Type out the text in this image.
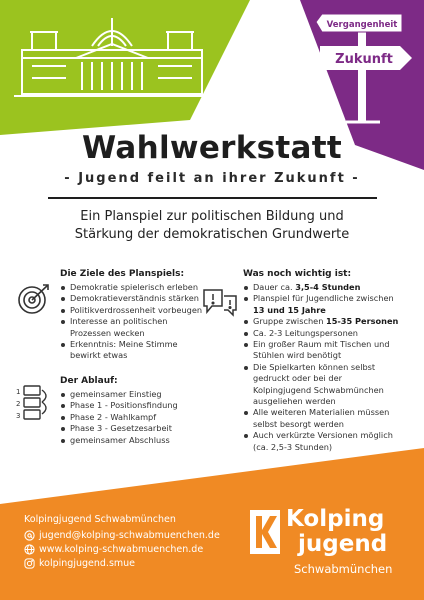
Vergangenheit
Zukunft
Wahlwerkstatt
- Jugend feilt an ihrer Zukunft -
Ein Planspiel zur politischen Bildung und
Stärkung der demokratischen Grundwerte
Die Ziele des Planspiels:
Demokratie spielerisch erleben
Demokratieverständnis stärken
Politikverdrossenheit vorbeugen
Interesse an politischen Prozessen wecken
Erkenntnis: Meine Stimme bewirkt etwas
1
2
3
Der Ablauf:
gemeinsamer Einstieg
Phase 1 - Positionsfindung
Phase 2 - Wahlkampf
Phase 3 - Gesetzesarbeit
gemeinsamer Abschluss
Was noch wichtig ist:
Dauer ca. 3,5-4 Stunden
Planspiel für Jugendliche zwischen 13 und 15 Jahre
Gruppe zwischen 15-35 Personen
Ca. 2-3 Leitungspersonen
Ein großer Raum mit Tischen und Stühlen wird benötigt
Die Spielkarten können selbst gedruckt oder bei der Kolpingjugend Schwabmünchen ausgeliehen werden
Alle weiteren Materialien müssen selbst besorgt werden
Auch verkürzte Versionen möglich (ca. 2,5-3 Stunden)
Kolpingjugend Schwabmünchen
jugend@kolping-schwabmuenchen.de
www.kolping-schwabmuenchen.de
kolpingjugend.smue
Kolping
jugend
Schwabmünchen
